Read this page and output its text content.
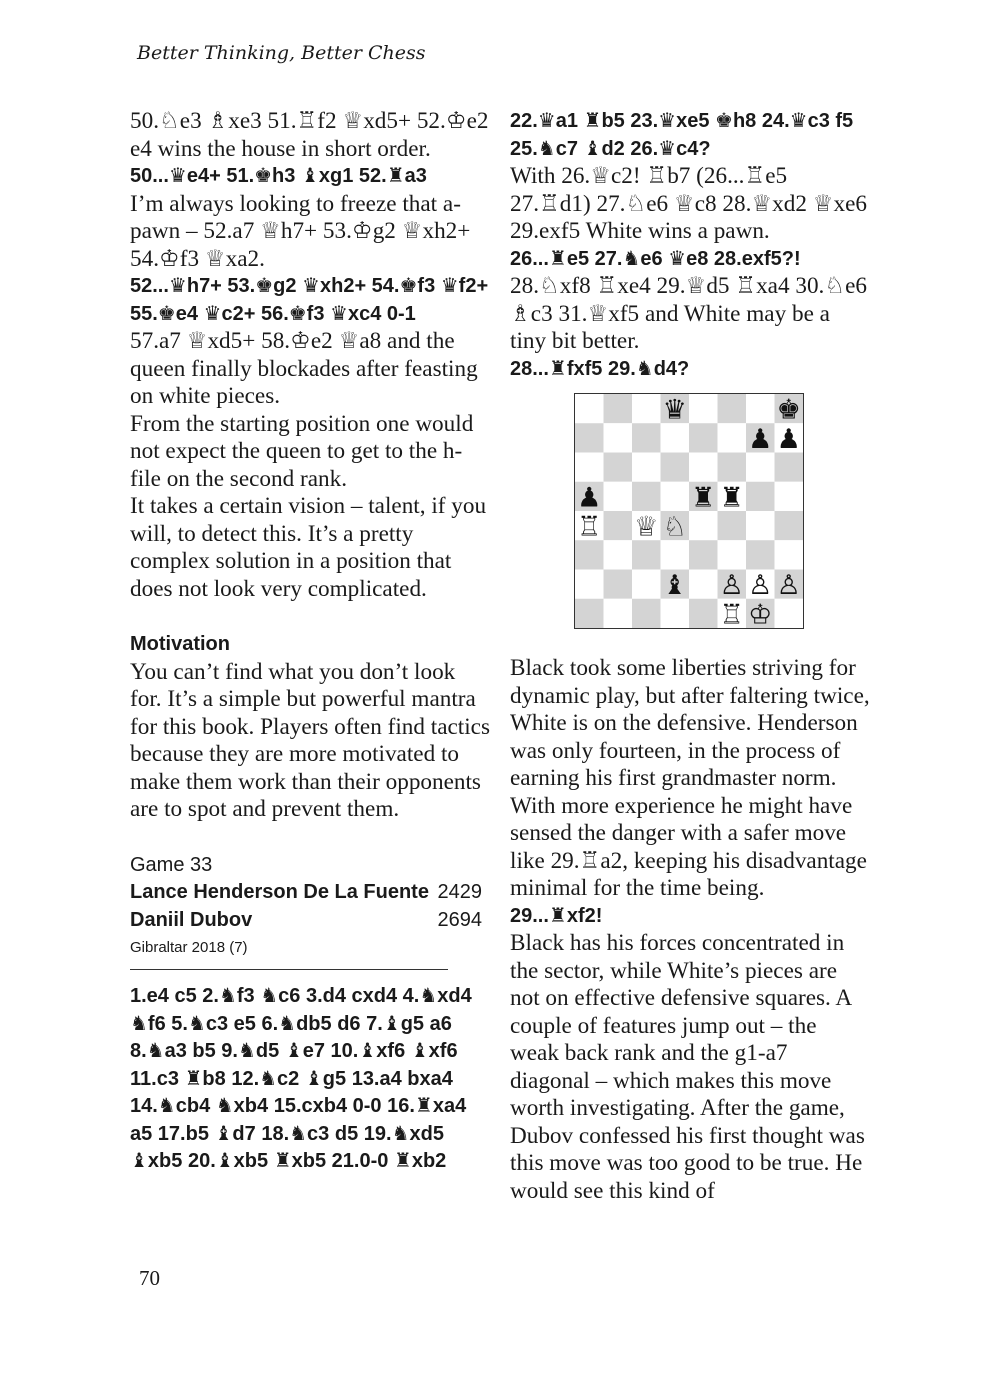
Better Thinking, Better Chess

50.♘e3 ♗xe3 51.♖f2 ♕xd5+ 52.♔e2 e4 wins the house in short order.

50...♛e4+ 51.♚h3 ♝xg1 52.♜a3

I’m always looking to freeze that a-pawn – 52.a7 ♕h7+ 53.♔g2 ♕xh2+ 54.♔f3 ♕xa2.

52...♛h7+ 53.♚g2 ♛xh2+ 54.♚f3 ♛f2+ 55.♚e4 ♛c2+ 56.♚f3 ♛xc4 0-1

57.a7 ♕xd5+ 58.♔e2 ♕a8 and the queen finally blockades after feasting on white pieces.

From the starting position one would not expect the queen to get to the h-file on the second rank.

It takes a certain vision – talent, if you will, to detect this. It’s a pretty complex solution in a position that does not look very complicated.

Motivation

You can’t find what you don’t look for. It’s a simple but powerful mantra for this book. Players often find tactics because they are more motivated to make them work than their opponents are to spot and prevent them.

Game 33

Lance Henderson De La Fuente 2429
Daniil Dubov	2694

Gibraltar 2018 (7)

1.e4 c5 2.♞f3 ♞c6 3.d4 cxd4 4.♞xd4 ♞f6 5.♞c3 e5 6.♞db5 d6 7.♝g5 a6 8.♞a3 b5 9.♞d5 ♝e7 10.♝xf6 ♝xf6 11.c3 ♜b8 12.♞c2 ♝g5 13.a4 bxa4 14.♞cb4 ♞xb4 15.cxb4 0-0 16.♜xa4 a5 17.b5 ♝d7 18.♞c3 d5 19.♞xd5 ♝xb5 20.♝xb5 ♜xb5 21.0-0 ♜xb2

22.♛a1 ♜b5 23.♛xe5 ♚h8 24.♛c3 f5 25.♞c7 ♝d2 26.♛c4?

With 26.♕c2! ♖b7 (26...♖e5 27.♖d1) 27.♘e6 ♕c8 28.♕xd2 ♕xe6 29.exf5 White wins a pawn.

26...♜e5 27.♞e6 ♛e8 28.exf5?!

28.♘xf8 ♖xe4 29.♕d5 ♖xa4 30.♘e6 ♗c3 31.♕xf5 and White may be a tiny bit better.

28...♜fxf5 29.♞d4?

♛	♚
♟ ♟
♟	♜ ♜
♖ ♕ ♘
♝ ♙ ♙ ♙
♖ ♔

Black took some liberties striving for dynamic play, but after faltering twice, White is on the defensive. Henderson was only fourteen, in the process of earning his first grandmaster norm. With more experience he might have sensed the danger with a safer move like 29.♖a2, keeping his disadvantage minimal for the time being.

29...♜xf2!

Black has his forces concentrated in the sector, while White’s pieces are not on effective defensive squares. A couple of features jump out – the weak back rank and the g1-a7 diagonal – which makes this move worth investigating. After the game, Dubov confessed his first thought was this move was too good to be true. He would see this kind of

70
